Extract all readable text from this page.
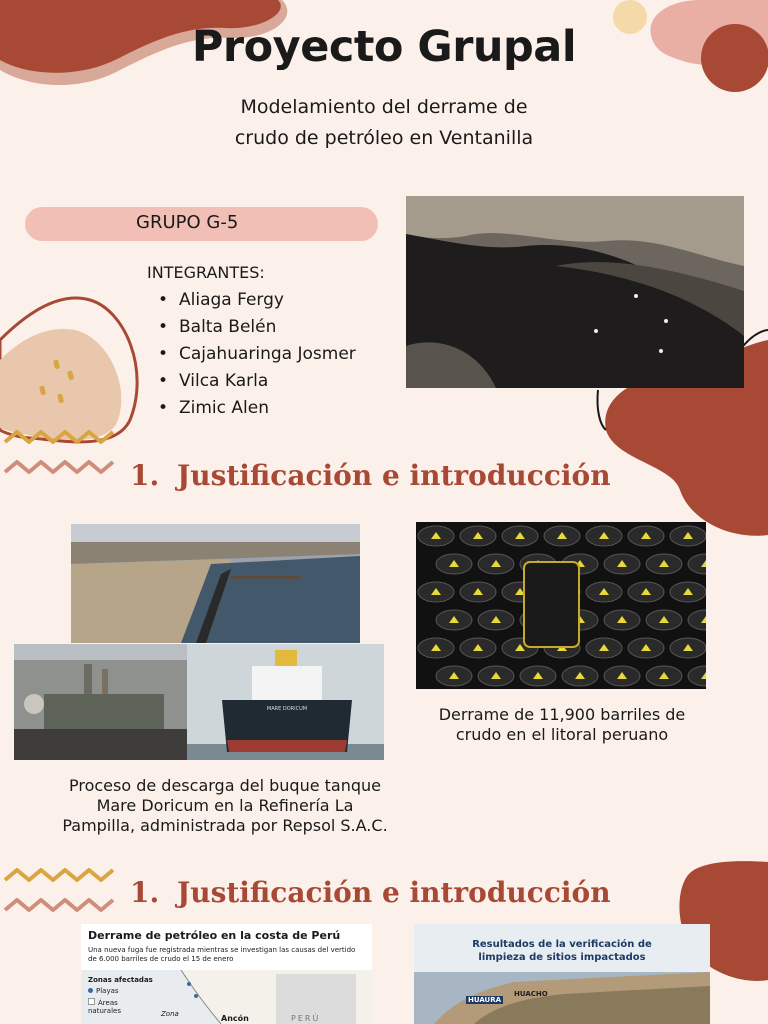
Proyecto Grupal
Modelamiento del derrame de
crudo de petróleo en Ventanilla
GRUPO G-5
INTEGRANTES:
• Aliaga Fergy
• Balta Belén
• Cajahuaringa Josmer
• Vilca Karla
• Zimic Alen
1. Justificación e introducción
MARE DORICUM
Proceso de descarga del buque tanque
Mare Doricum en la Refinería La
Pampilla, administrada por Repsol S.A.C.
Derrame de 11,900 barriles de
crudo en el litoral peruano
1. Justificación e introducción
Derrame de petróleo en la costa de Perú
Una nueva fuga fue registrada mientras se investigan las causas del vertido de 6.000 barriles de crudo el 15 de enero
Zonas afectadas
Playas
Áreas naturales	Zona	Ancón	PERÚ
Resultados de la verificación de
limpieza de sitios impactados
HUACHO
HUAURA
